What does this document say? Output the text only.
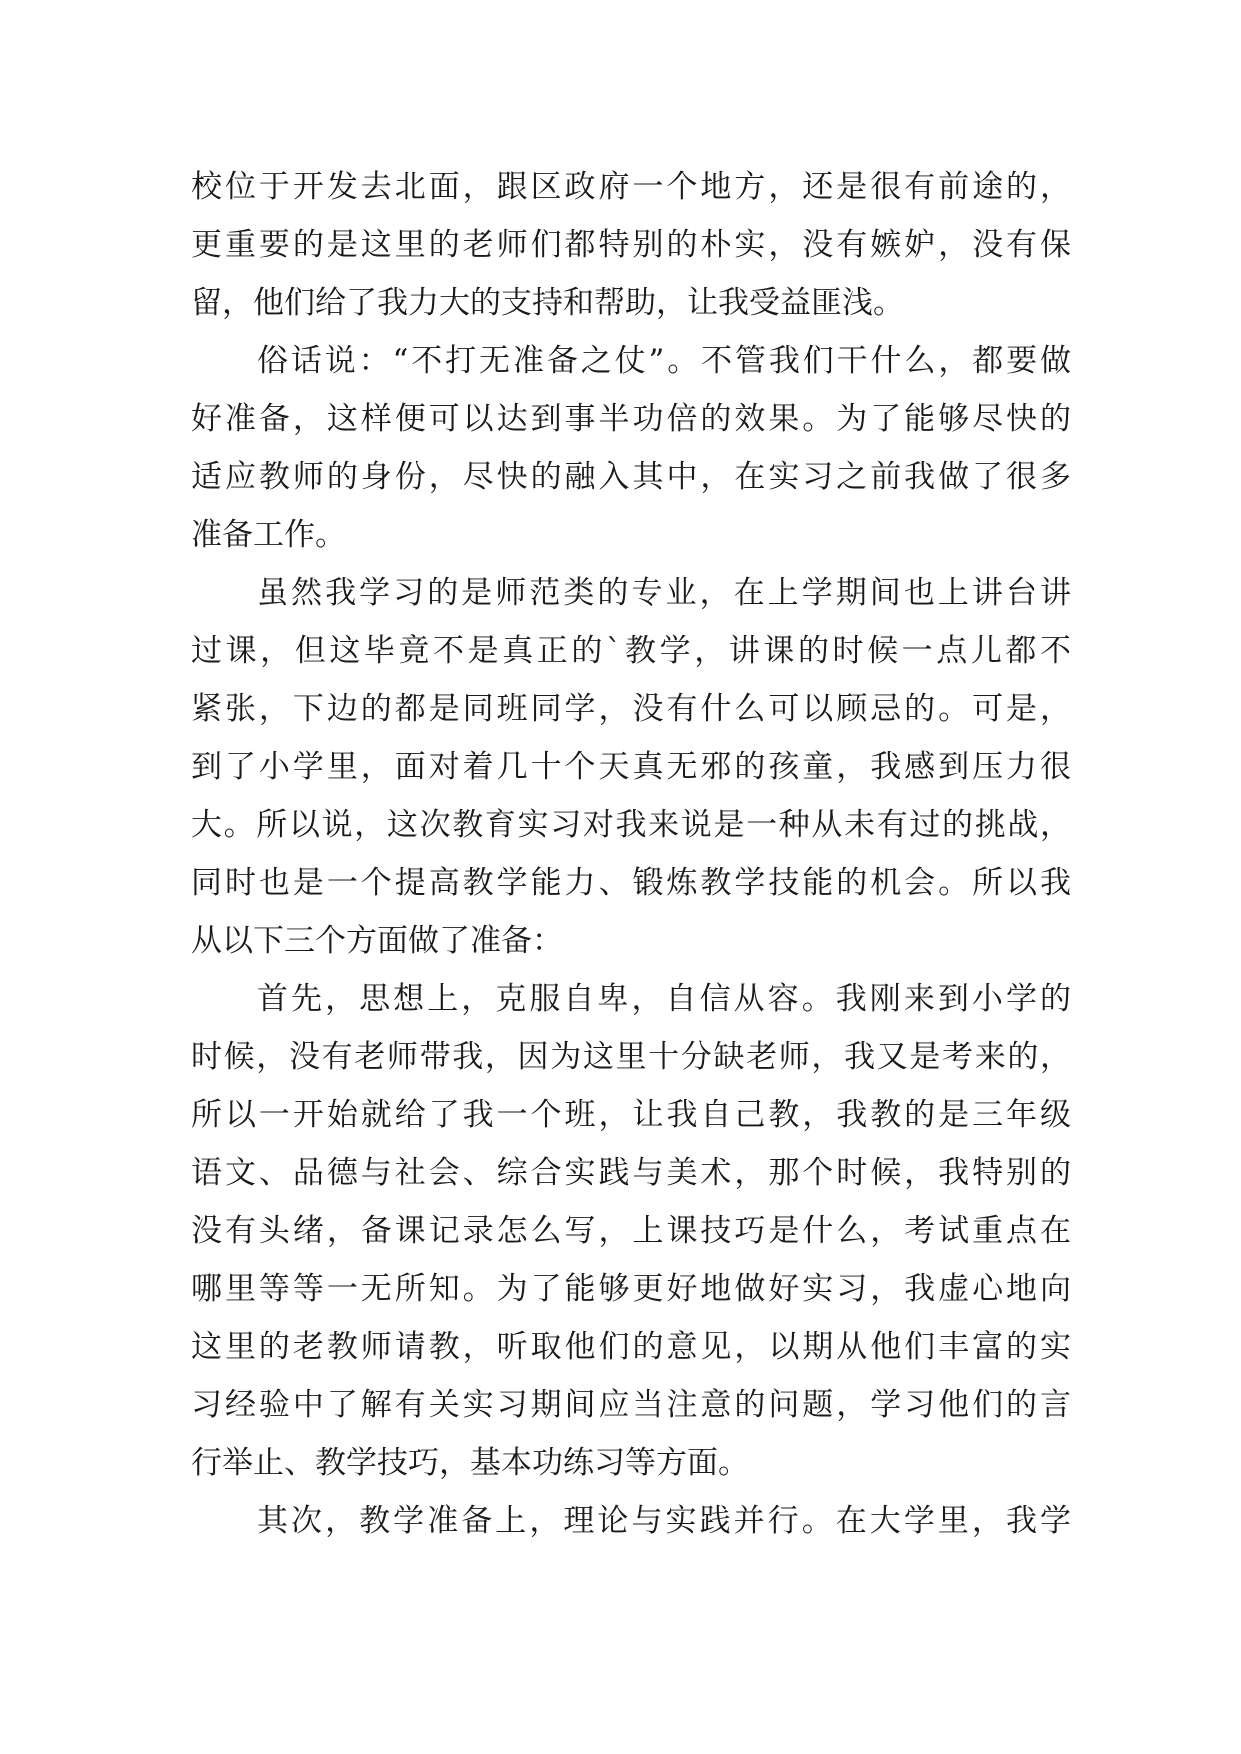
校位于开发去北面，跟区政府一个地方，还是很有前途的，
更重要的是这里的老师们都特别的朴实，没有嫉妒，没有保
留，他们给了我力大的支持和帮助，让我受益匪浅。
俗话说：“不打无准备之仗”。不管我们干什么，都要做
好准备，这样便可以达到事半功倍的效果。为了能够尽快的
适应教师的身份，尽快的融入其中，在实习之前我做了很多
准备工作。
虽然我学习的是师范类的专业，在上学期间也上讲台讲
过课，但这毕竟不是真正的`教学，讲课的时候一点儿都不
紧张，下边的都是同班同学，没有什么可以顾忌的。可是，
到了小学里，面对着几十个天真无邪的孩童，我感到压力很
大。所以说，这次教育实习对我来说是一种从未有过的挑战，
同时也是一个提高教学能力、锻炼教学技能的机会。所以我
从以下三个方面做了准备：
首先，思想上，克服自卑，自信从容。我刚来到小学的
时候，没有老师带我，因为这里十分缺老师，我又是考来的，
所以一开始就给了我一个班，让我自己教，我教的是三年级
语文、品德与社会、综合实践与美术，那个时候，我特别的
没有头绪，备课记录怎么写，上课技巧是什么，考试重点在
哪里等等一无所知。为了能够更好地做好实习，我虚心地向
这里的老教师请教，听取他们的意见，以期从他们丰富的实
习经验中了解有关实习期间应当注意的问题，学习他们的言
行举止、教学技巧，基本功练习等方面。
其次，教学准备上，理论与实践并行。在大学里，我学
